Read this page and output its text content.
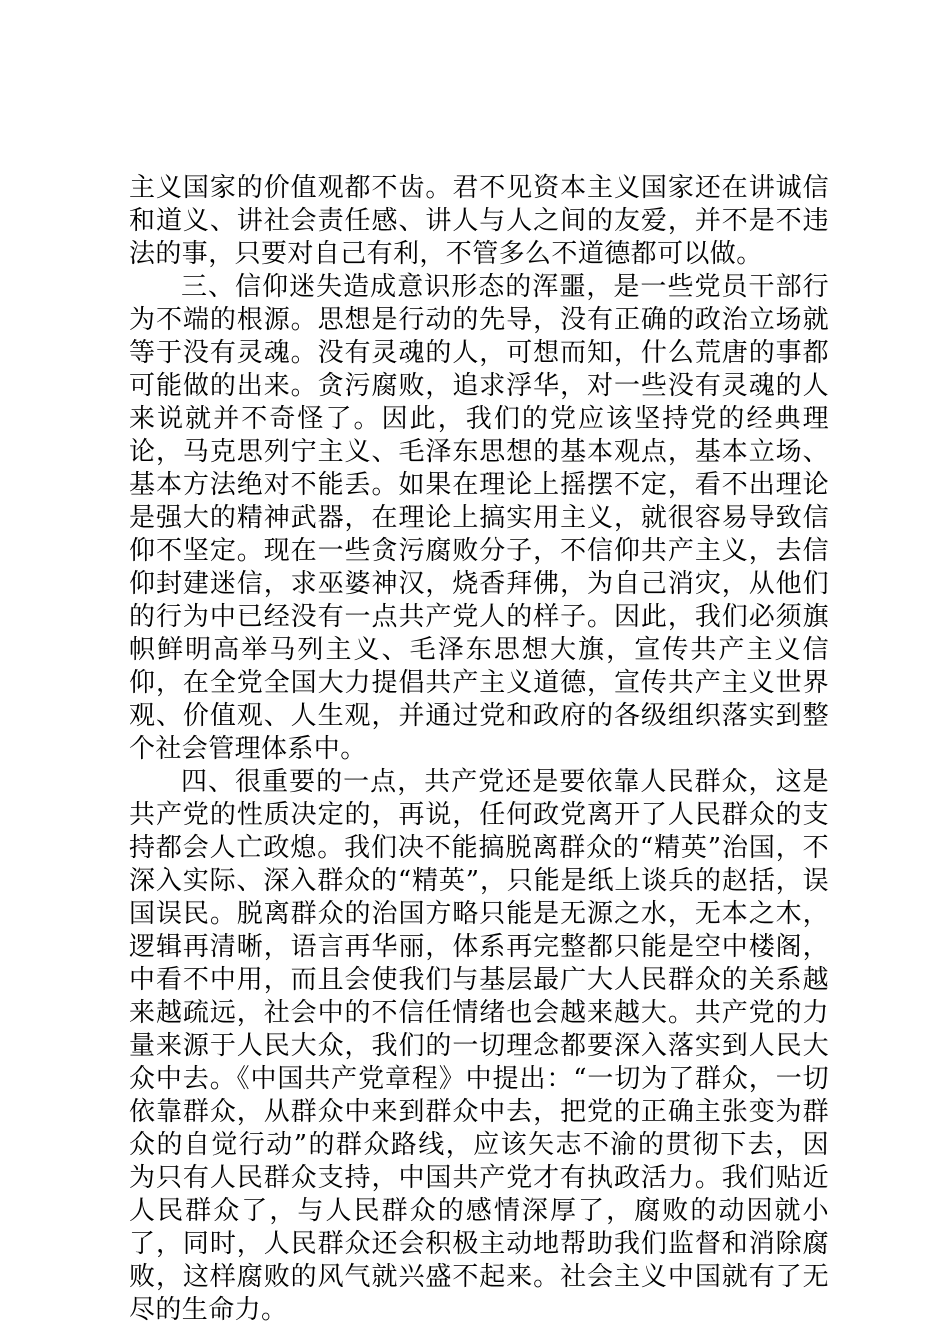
主义国家的价值观都不齿。君不见资本主义国家还在讲诚信和道义、讲社会责任感、讲人与人之间的友爱，并不是不违法的事，只要对自己有利，不管多么不道德都可以做。

三、信仰迷失造成意识形态的浑噩，是一些党员干部行为不端的根源。思想是行动的先导，没有正确的政治立场就等于没有灵魂。没有灵魂的人，可想而知，什么荒唐的事都可能做的出来。贪污腐败，追求浮华，对一些没有灵魂的人来说就并不奇怪了。因此，我们的党应该坚持党的经典理论，马克思列宁主义、毛泽东思想的基本观点，基本立场、基本方法绝对不能丢。如果在理论上摇摆不定，看不出理论是强大的精神武器，在理论上搞实用主义，就很容易导致信仰不坚定。现在一些贪污腐败分子，不信仰共产主义，去信仰封建迷信，求巫婆神汉，烧香拜佛，为自己消灾，从他们的行为中已经没有一点共产党人的样子。因此，我们必须旗帜鲜明高举马列主义、毛泽东思想大旗，宣传共产主义信仰，在全党全国大力提倡共产主义道德，宣传共产主义世界观、价值观、人生观，并通过党和政府的各级组织落实到整个社会管理体系中。

四、很重要的一点，共产党还是要依靠人民群众，这是共产党的性质决定的，再说，任何政党离开了人民群众的支持都会人亡政熄。我们决不能搞脱离群众的“精英”治国，不深入实际、深入群众的“精英”，只能是纸上谈兵的赵括，误国误民。脱离群众的治国方略只能是无源之水，无本之木，逻辑再清晰，语言再华丽，体系再完整都只能是空中楼阁，中看不中用，而且会使我们与基层最广大人民群众的关系越来越疏远，社会中的不信任情绪也会越来越大。共产党的力量来源于人民大众，我们的一切理念都要深入落实到人民大众中去。《中国共产党章程》中提出：“一切为了群众，一切依靠群众，从群众中来到群众中去，把党的正确主张变为群众的自觉行动”的群众路线，应该矢志不渝的贯彻下去，因为只有人民群众支持，中国共产党才有执政活力。我们贴近人民群众了，与人民群众的感情深厚了，腐败的动因就小了，同时，人民群众还会积极主动地帮助我们监督和消除腐败，这样腐败的风气就兴盛不起来。社会主义中国就有了无尽的生命力。
